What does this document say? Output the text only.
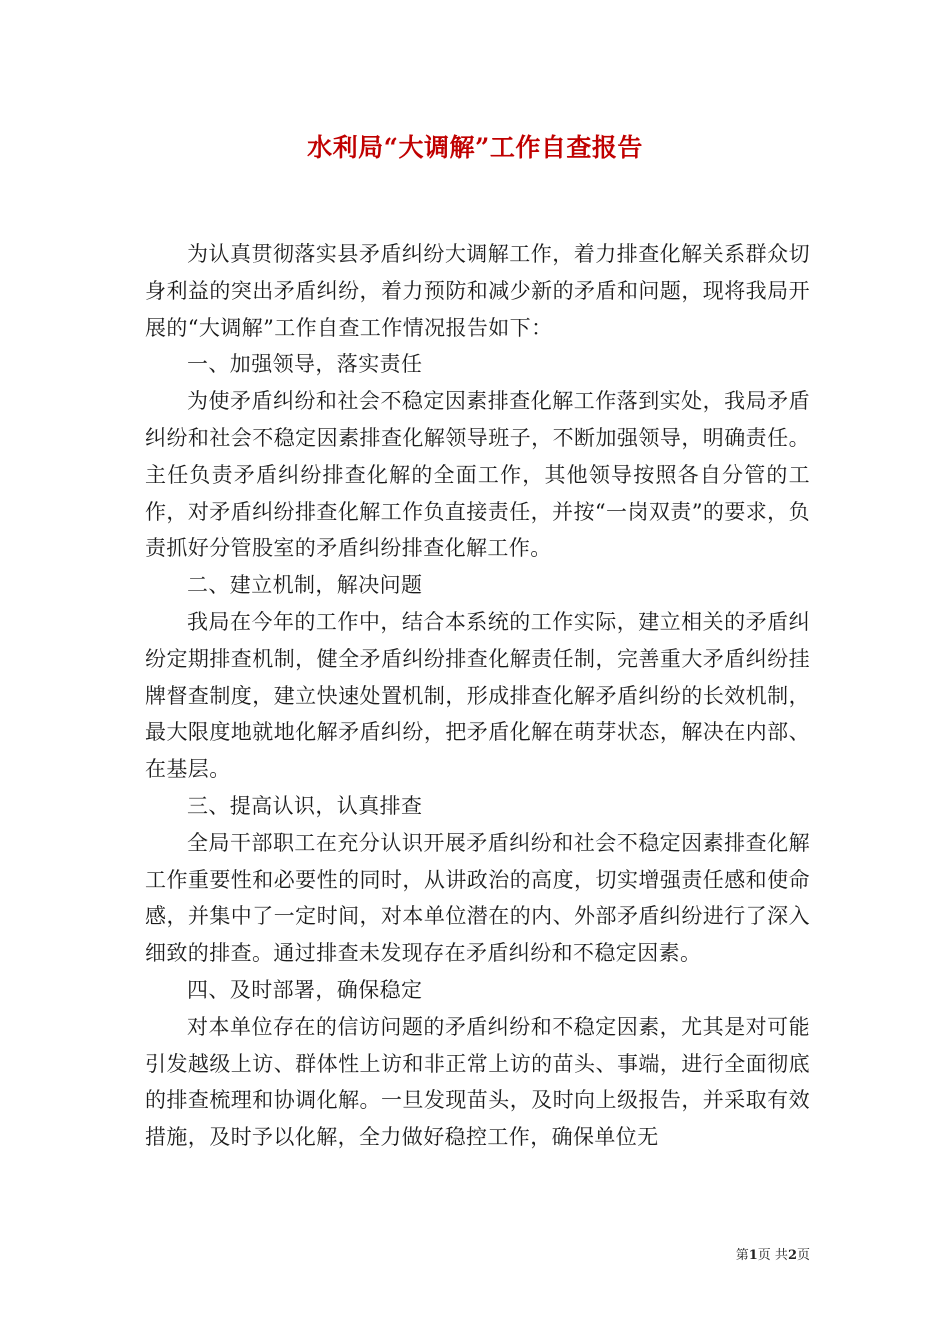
水利局“大调解”工作自查报告

为认真贯彻落实县矛盾纠纷大调解工作，着力排查化解关系群众切身利益的突出矛盾纠纷，着力预防和减少新的矛盾和问题，现将我局开展的“大调解”工作自查工作情况报告如下：

一、加强领导，落实责任

为使矛盾纠纷和社会不稳定因素排查化解工作落到实处，我局矛盾纠纷和社会不稳定因素排查化解领导班子，不断加强领导，明确责任。主任负责矛盾纠纷排查化解的全面工作，其他领导按照各自分管的工作，对矛盾纠纷排查化解工作负直接责任，并按“一岗双责”的要求，负责抓好分管股室的矛盾纠纷排查化解工作。

二、建立机制，解决问题

我局在今年的工作中，结合本系统的工作实际，建立相关的矛盾纠纷定期排查机制，健全矛盾纠纷排查化解责任制，完善重大矛盾纠纷挂牌督查制度，建立快速处置机制，形成排查化解矛盾纠纷的长效机制，最大限度地就地化解矛盾纠纷，把矛盾化解在萌芽状态，解决在内部、在基层。

三、提高认识，认真排查

全局干部职工在充分认识开展矛盾纠纷和社会不稳定因素排查化解工作重要性和必要性的同时，从讲政治的高度，切实增强责任感和使命感，并集中了一定时间，对本单位潜在的内、外部矛盾纠纷进行了深入细致的排查。通过排查未发现存在矛盾纠纷和不稳定因素。

四、及时部署，确保稳定

对本单位存在的信访问题的矛盾纠纷和不稳定因素，尤其是对可能引发越级上访、群体性上访和非正常上访的苗头、事端，进行全面彻底的排查梳理和协调化解。一旦发现苗头，及时向上级报告，并采取有效措施，及时予以化解，全力做好稳控工作，确保单位无

第1页 共2页
